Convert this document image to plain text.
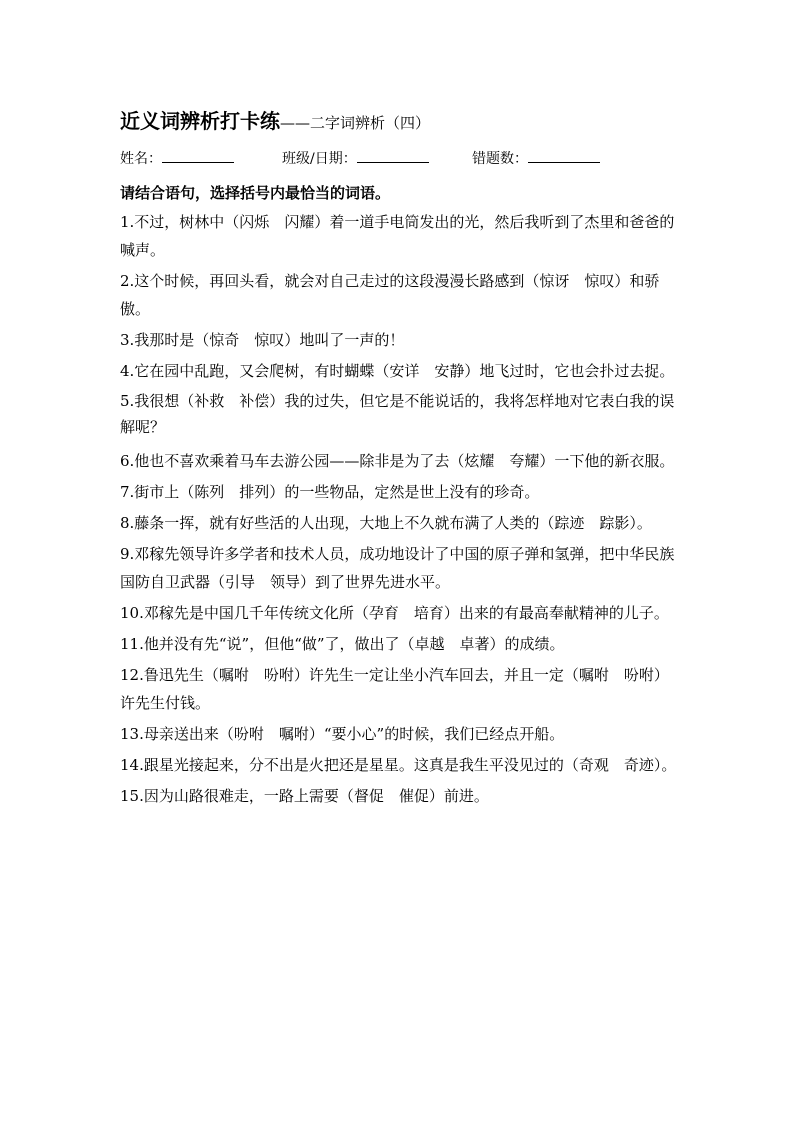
近义词辨析打卡练——二字词辨析（四）
姓名：	班级/日期：	错题数：
请结合语句，选择括号内最恰当的词语。
1.不过，树林中（闪烁　闪耀）着一道手电筒发出的光，然后我听到了杰里和爸爸的喊声。
2.这个时候，再回头看，就会对自己走过的这段漫漫长路感到（惊讶　惊叹）和骄傲。
3.我那时是（惊奇　惊叹）地叫了一声的！
4.它在园中乱跑，又会爬树，有时蝴蝶（安详　安静）地飞过时，它也会扑过去捉。
5.我很想（补救　补偿）我的过失，但它是不能说话的，我将怎样地对它表白我的误解呢？
6.他也不喜欢乘着马车去游公园——除非是为了去（炫耀　夸耀）一下他的新衣服。
7.街市上（陈列　排列）的一些物品，定然是世上没有的珍奇。
8.藤条一挥，就有好些活的人出现，大地上不久就布满了人类的（踪迹　踪影）。
9.邓稼先领导许多学者和技术人员，成功地设计了中国的原子弹和氢弹，把中华民族国防自卫武器（引导　领导）到了世界先进水平。
10.邓稼先是中国几千年传统文化所（孕育　培育）出来的有最高奉献精神的儿子。
11.他并没有先“说”，但他“做”了，做出了（卓越　卓著）的成绩。
12.鲁迅先生（嘱咐　吩咐）许先生一定让坐小汽车回去，并且一定（嘱咐　吩咐）许先生付钱。
13.母亲送出来（吩咐　嘱咐）“要小心”的时候，我们已经点开船。
14.跟星光接起来，分不出是火把还是星星。这真是我生平没见过的（奇观　奇迹）。
15.因为山路很难走，一路上需要（督促　催促）前进。
